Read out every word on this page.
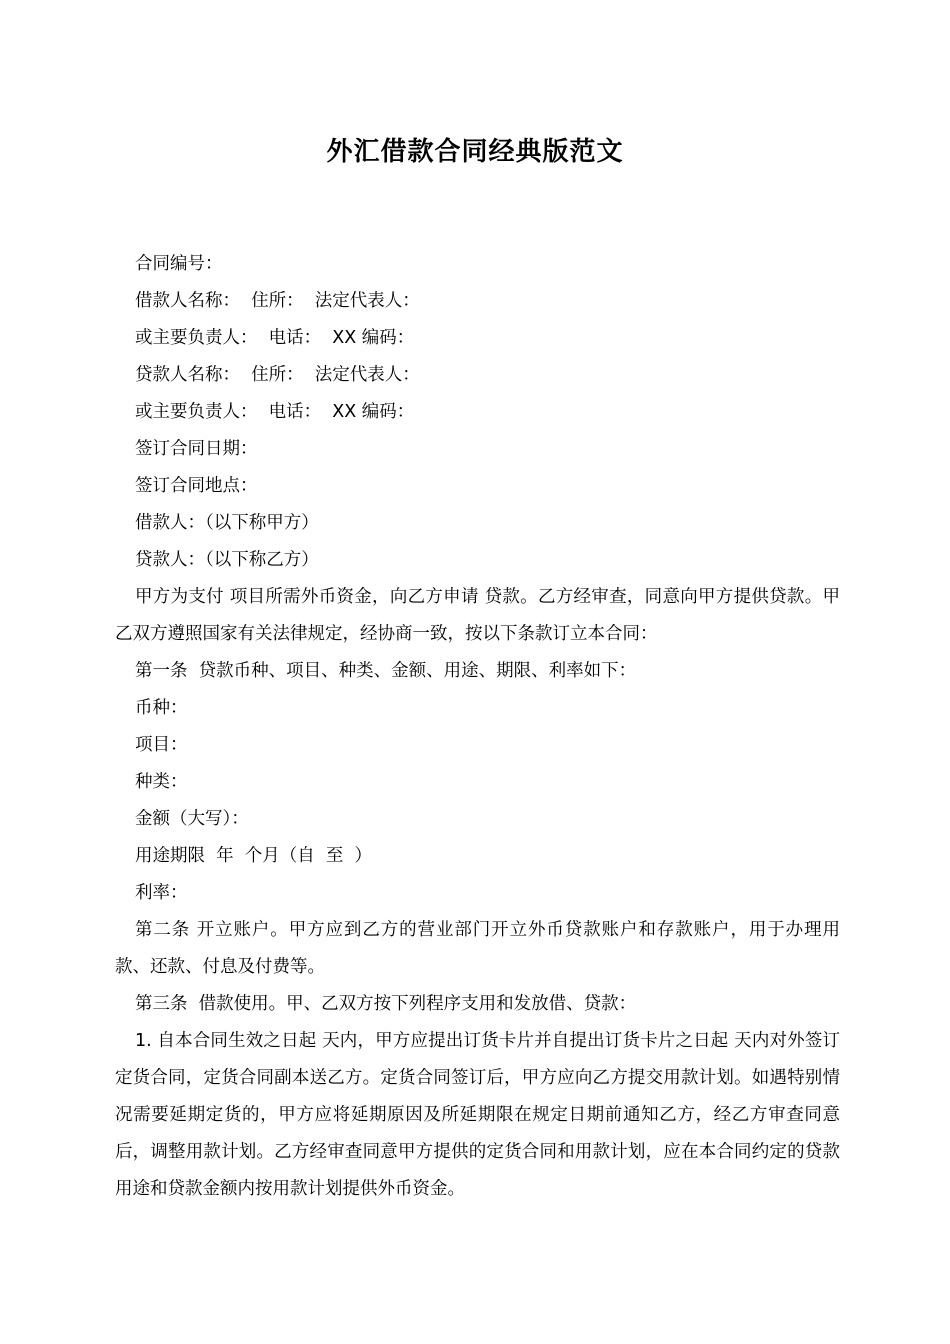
外汇借款合同经典版范文
合同编号：
借款人名称：  住所：  法定代表人：
或主要负责人：  电话：  XX 编码：
贷款人名称：  住所：  法定代表人：
或主要负责人：  电话：  XX 编码：
签订合同日期：
签订合同地点：
借款人：（以下称甲方）
贷款人：（以下称乙方）
甲方为支付 项目所需外币资金，向乙方申请 贷款。乙方经审查，同意向甲方提供贷款。甲乙双方遵照国家有关法律规定，经协商一致，按以下条款订立本合同：
第一条  贷款币种、项目、种类、金额、用途、期限、利率如下：
币种：
项目：
种类：
金额（大写）：
用途期限  年  个月（自  至  ）
利率：
第二条 开立账户。甲方应到乙方的营业部门开立外币贷款账户和存款账户，用于办理用款、还款、付息及付费等。
第三条  借款使用。甲、乙双方按下列程序支用和发放借、贷款：
1. 自本合同生效之日起 天内，甲方应提出订货卡片并自提出订货卡片之日起 天内对外签订定货合同，定货合同副本送乙方。定货合同签订后，甲方应向乙方提交用款计划。如遇特别情况需要延期定货的，甲方应将延期原因及所延期限在规定日期前通知乙方，经乙方审查同意后，调整用款计划。乙方经审查同意甲方提供的定货合同和用款计划，应在本合同约定的贷款用途和贷款金额内按用款计划提供外币资金。
